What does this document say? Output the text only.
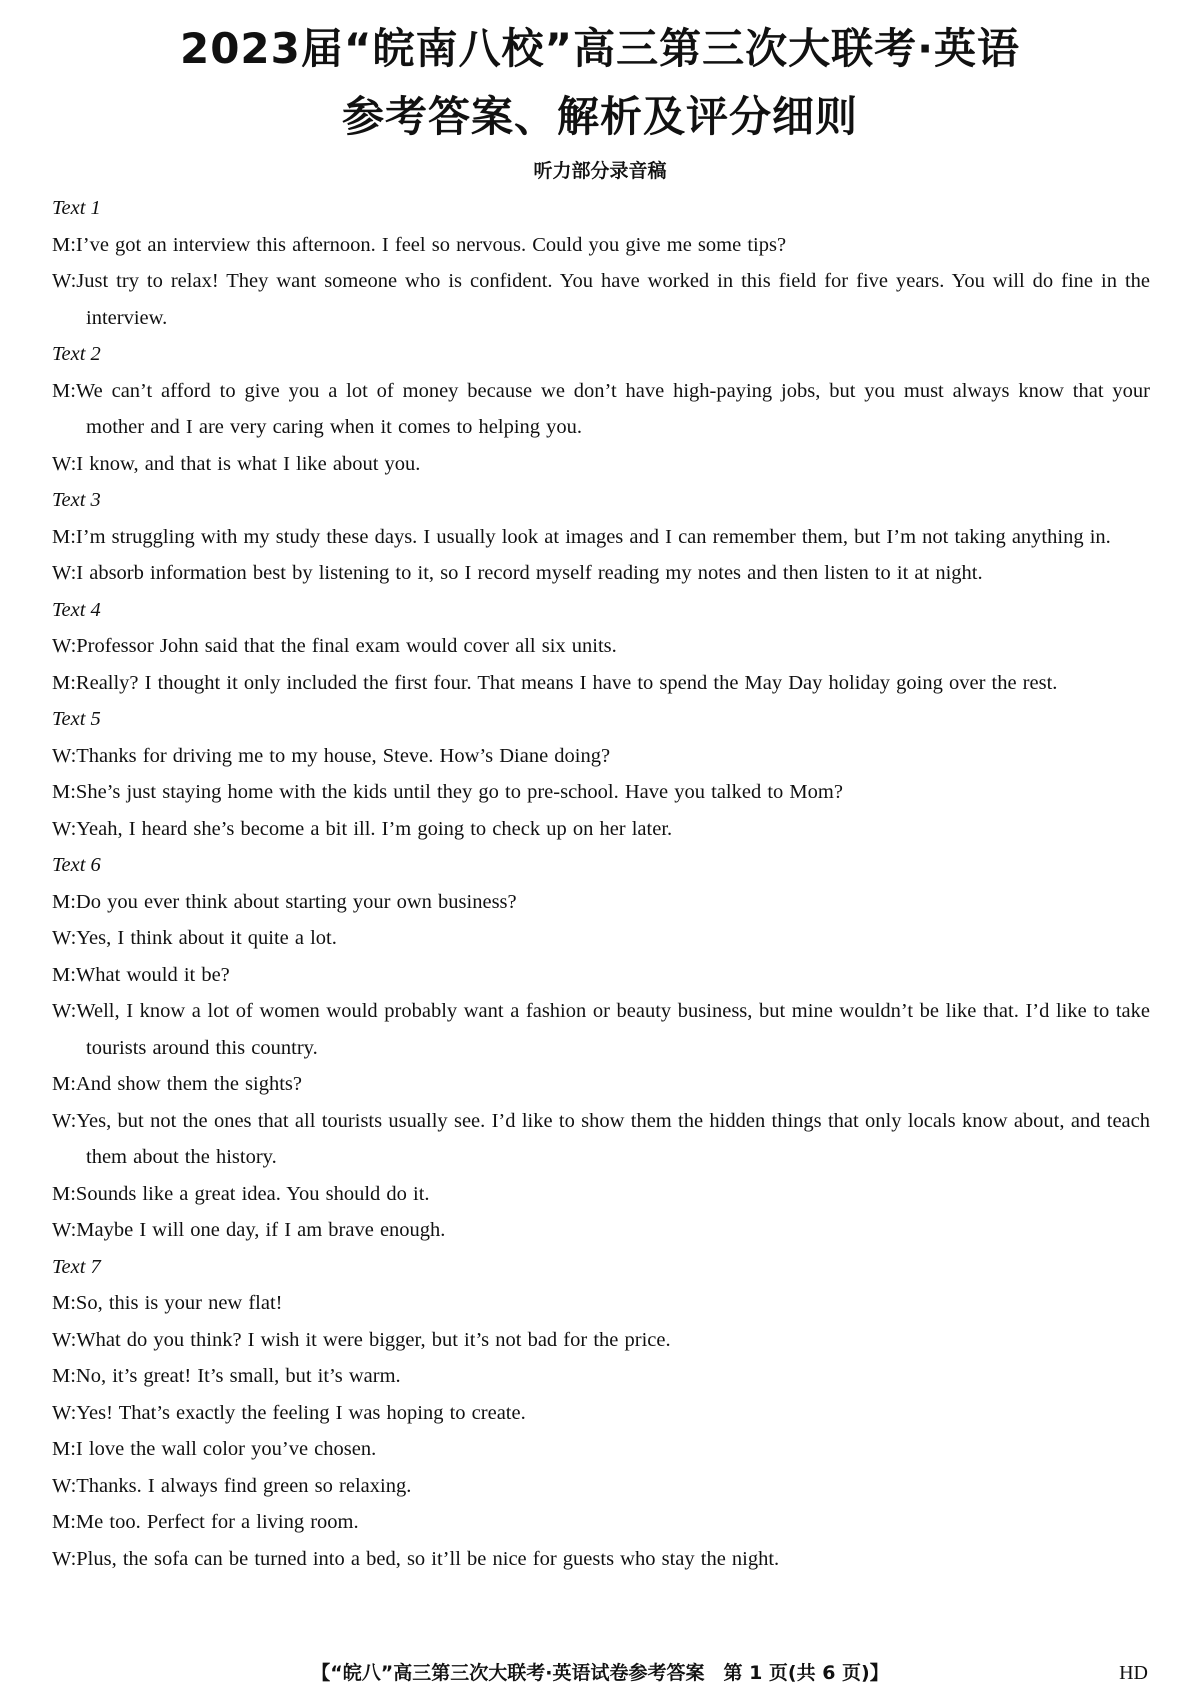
2023届“皖南八校”高三第三次大联考·英语
参考答案、解析及评分细则
听力部分录音稿
Text 1
M:I’ve got an interview this afternoon. I feel so nervous. Could you give me some tips?
W:Just try to relax! They want someone who is confident. You have worked in this field for five years. You will do fine in the interview.
Text 2
M:We can’t afford to give you a lot of money because we don’t have high-paying jobs, but you must always know that your mother and I are very caring when it comes to helping you.
W:I know, and that is what I like about you.
Text 3
M:I’m struggling with my study these days. I usually look at images and I can remember them, but I’m not taking anything in.
W:I absorb information best by listening to it, so I record myself reading my notes and then listen to it at night.
Text 4
W:Professor John said that the final exam would cover all six units.
M:Really? I thought it only included the first four. That means I have to spend the May Day holiday going over the rest.
Text 5
W:Thanks for driving me to my house, Steve. How’s Diane doing?
M:She’s just staying home with the kids until they go to pre-school. Have you talked to Mom?
W:Yeah, I heard she’s become a bit ill. I’m going to check up on her later.
Text 6
M:Do you ever think about starting your own business?
W:Yes, I think about it quite a lot.
M:What would it be?
W:Well, I know a lot of women would probably want a fashion or beauty business, but mine wouldn’t be like that. I’d like to take tourists around this country.
M:And show them the sights?
W:Yes, but not the ones that all tourists usually see. I’d like to show them the hidden things that only locals know about, and teach them about the history.
M:Sounds like a great idea. You should do it.
W:Maybe I will one day, if I am brave enough.
Text 7
M:So, this is your new flat!
W:What do you think? I wish it were bigger, but it’s not bad for the price.
M:No, it’s great! It’s small, but it’s warm.
W:Yes! That’s exactly the feeling I was hoping to create.
M:I love the wall color you’ve chosen.
W:Thanks. I always find green so relaxing.
M:Me too. Perfect for a living room.
W:Plus, the sofa can be turned into a bed, so it’ll be nice for guests who stay the night.
【“皖八”高三第三次大联考·英语试卷参考答案　第 1 页(共 6 页)】	HD
